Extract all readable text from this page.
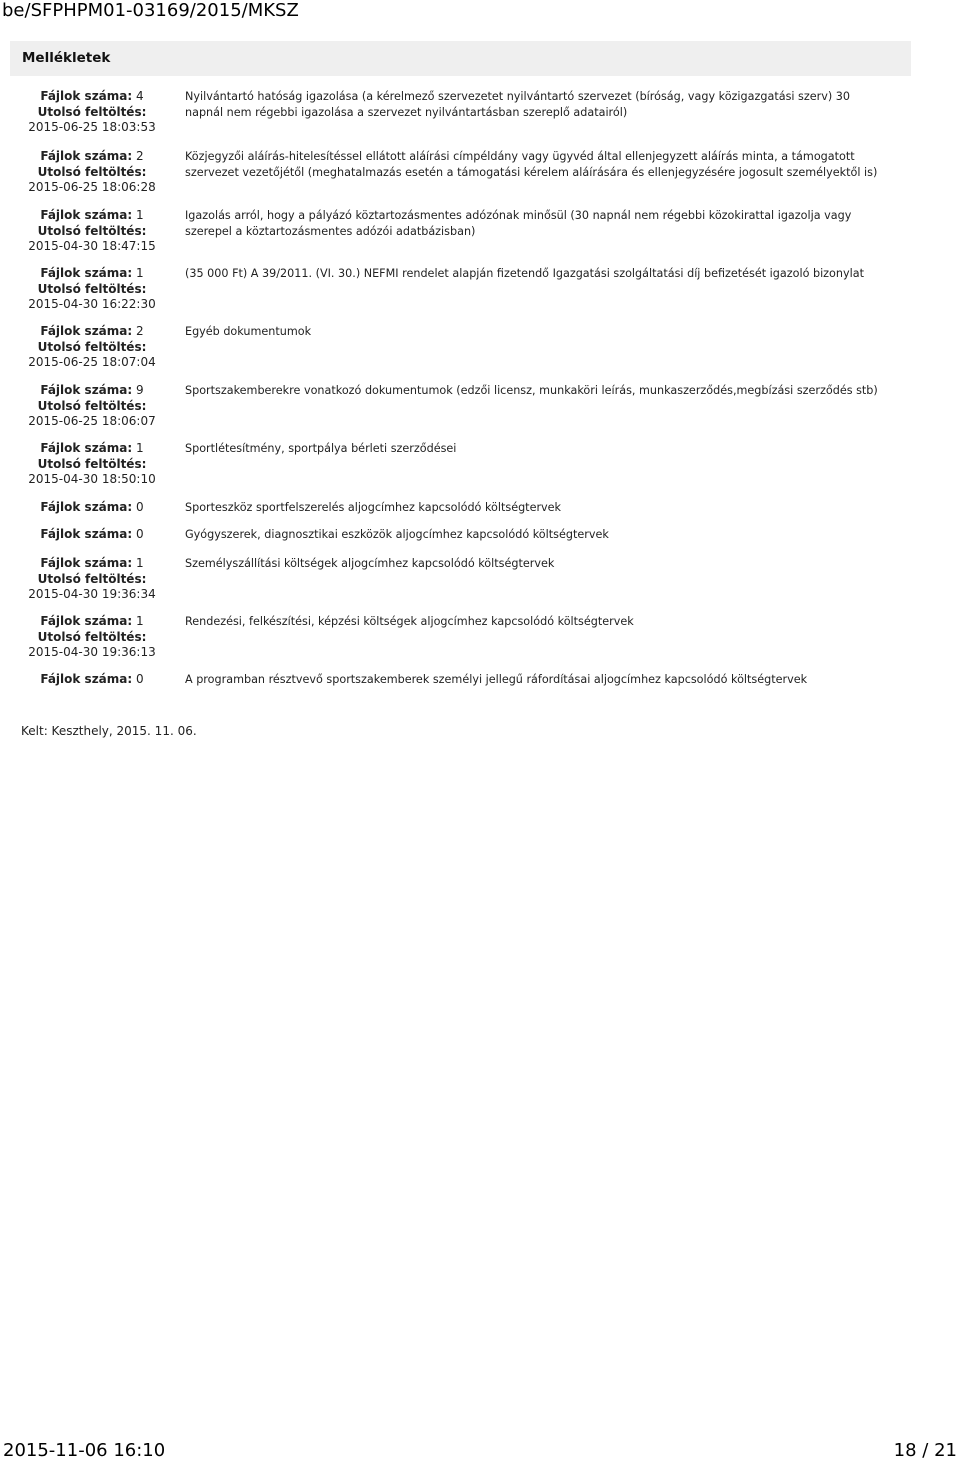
be/SFPHPM01-03169/2015/MKSZ
Mellékletek
Fájlok száma: 4
Utolsó feltöltés:
2015-06-25 18:03:53
Nyilvántartó hatóság igazolása (a kérelmező szervezetet nyilvántartó szervezet (bíróság, vagy közigazgatási szerv) 30 napnál nem régebbi igazolása a szervezet nyilvántartásban szereplő adatairól)
Fájlok száma: 2
Utolsó feltöltés:
2015-06-25 18:06:28
Közjegyzői aláírás-hitelesítéssel ellátott aláírási címpéldány vagy ügyvéd által ellenjegyzett aláírás minta, a támogatott szervezet vezetőjétől (meghatalmazás esetén a támogatási kérelem aláírására és ellenjegyzésére jogosult személyektől is)
Fájlok száma: 1
Utolsó feltöltés:
2015-04-30 18:47:15
Igazolás arról, hogy a pályázó köztartozásmentes adózónak minősül (30 napnál nem régebbi közokirattal igazolja vagy szerepel a köztartozásmentes adózói adatbázisban)
Fájlok száma: 1
Utolsó feltöltés:
2015-04-30 16:22:30
(35 000 Ft) A 39/2011. (VI. 30.) NEFMI rendelet alapján fizetendő Igazgatási szolgáltatási díj befizetését igazoló bizonylat
Fájlok száma: 2
Utolsó feltöltés:
2015-06-25 18:07:04
Egyéb dokumentumok
Fájlok száma: 9
Utolsó feltöltés:
2015-06-25 18:06:07
Sportszakemberekre vonatkozó dokumentumok (edzői licensz, munkaköri leírás, munkaszerződés,megbízási szerződés stb)
Fájlok száma: 1
Utolsó feltöltés:
2015-04-30 18:50:10
Sportlétesítmény, sportpálya bérleti szerződései
Fájlok száma: 0	Sporteszköz sportfelszerelés aljogcímhez kapcsolódó költségtervek
Fájlok száma: 0	Gyógyszerek, diagnosztikai eszközök aljogcímhez kapcsolódó költségtervek
Fájlok száma: 1
Utolsó feltöltés:
2015-04-30 19:36:34
Személyszállítási költségek aljogcímhez kapcsolódó költségtervek
Fájlok száma: 1
Utolsó feltöltés:
2015-04-30 19:36:13
Rendezési, felkészítési, képzési költségek aljogcímhez kapcsolódó költségtervek
Fájlok száma: 0	A programban résztvevő sportszakemberek személyi jellegű ráfordításai aljogcímhez kapcsolódó költségtervek
Kelt: Keszthely, 2015. 11. 06.
2015-11-06 16:10	18 / 21
